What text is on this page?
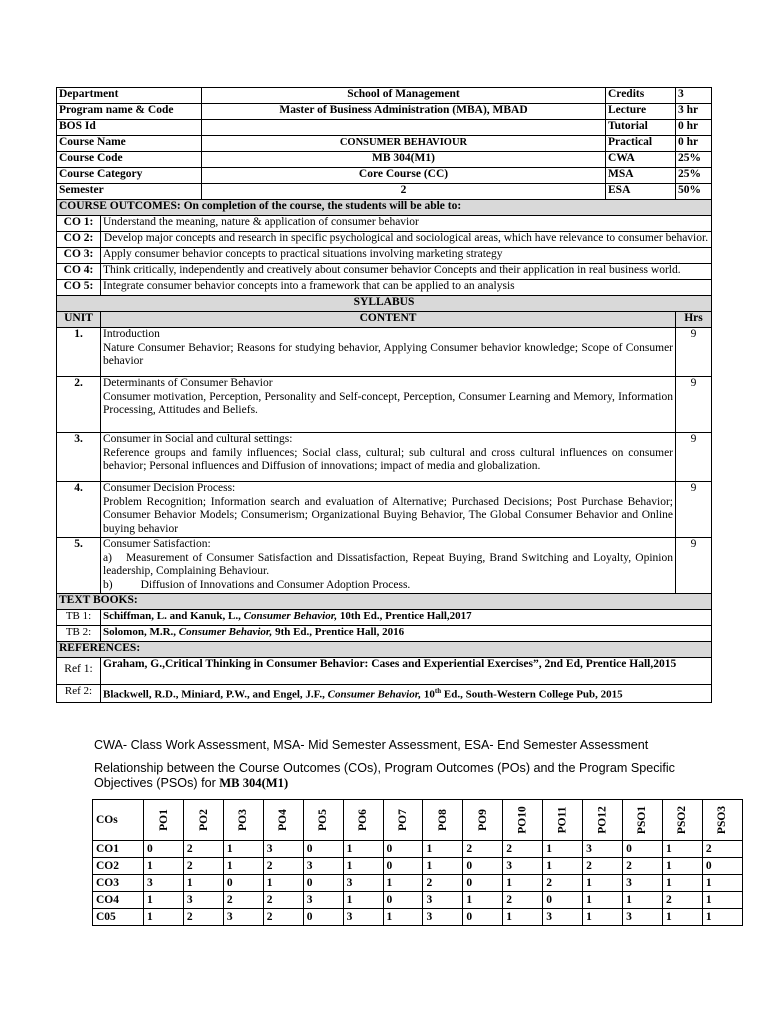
Department		School of Management	Credits	3
Program name & Code		Master of Business Administration (MBA), MBAD	Lecture	3 hr
BOS Id			Tutorial	0 hr
Course Name		CONSUMER BEHAVIOUR	Practical	0 hr
Course Code		MB 304(M1)	CWA	25%
Course Category		Core Course (CC)	MSA	25%
Semester		2	ESA	50%
COURSE OUTCOMES: On completion of the course, the students will be able to:				
CO 1:	Understand the meaning, nature & application of consumer behavior			
CO 2:	Develop major concepts and research in specific psychological and sociological areas, which have relevance to consumer behavior.			
CO 3:	Apply consumer behavior concepts to practical situations involving marketing strategy			
CO 4:	Think critically, independently and creatively about consumer behavior Concepts and their application in real business world.			
CO 5:	Integrate consumer behavior concepts into a framework that can be applied to an analysis			
SYLLABUS				
UNIT	CONTENT			Hrs
1.	Introduction
Nature Consumer Behavior; Reasons for studying behavior, Applying Consumer behavior knowledge; Scope of Consumer behavior			9
2.	Determinants of Consumer Behavior
Consumer motivation, Perception, Personality and Self-concept, Perception, Consumer Learning and Memory, Information Processing, Attitudes and Beliefs.			9
3.	Consumer in Social and cultural settings:
Reference groups and family influences; Social class, cultural; sub cultural and cross cultural influences on consumer behavior; Personal influences and Diffusion of innovations; impact of media and globalization.			9
4.	Consumer Decision Process:
Problem Recognition; Information search and evaluation of Alternative; Purchased Decisions; Post Purchase Behavior; Consumer Behavior Models; Consumerism; Organizational Buying Behavior, The Global Consumer Behavior and Online buying behavior			9
5.	Consumer Satisfaction:
a) Measurement of Consumer Satisfaction and Dissatisfaction, Repeat Buying, Brand Switching and Loyalty, Opinion leadership, Complaining Behaviour.
b) Diffusion of Innovations and Consumer Adoption Process.			9
TEXT BOOKS:				
TB 1:	Schiffman, L. and Kanuk, L., Consumer Behavior, 10th Ed., Prentice Hall,2017			
TB 2:	Solomon, M.R., Consumer Behavior, 9th Ed., Prentice Hall, 2016			
REFERENCES:				
Ref 1:	Graham, G.,Critical Thinking in Consumer Behavior: Cases and Experiential Exercises”, 2nd Ed, Prentice Hall,2015			
Ref 2:	Blackwell, R.D., Miniard, P.W., and Engel, J.F., Consumer Behavior, 10th Ed., South-Western College Pub, 2015			
CWA- Class Work Assessment, MSA- Mid Semester Assessment, ESA- End Semester Assessment
Relationship between the Course Outcomes (COs), Program Outcomes (POs) and the Program Specific Objectives (PSOs) for MB 304(M1)
COs	PO1	PO2	PO3	PO4	PO5	PO6	PO7	PO8	PO9	PO10	PO11	PO12	PSO1	PSO2	PSO3
CO1	0	2	1	3	0	1	0	1	2	2	1	3	0	1	2
CO2	1	2	1	2	3	1	0	1	0	3	1	2	2	1	0
CO3	3	1	0	1	0	3	1	2	0	1	2	1	3	1	1
CO4	1	3	2	2	3	1	0	3	1	2	0	1	1	2	1
C05	1	2	3	2	0	3	1	3	0	1	3	1	3	1	1
